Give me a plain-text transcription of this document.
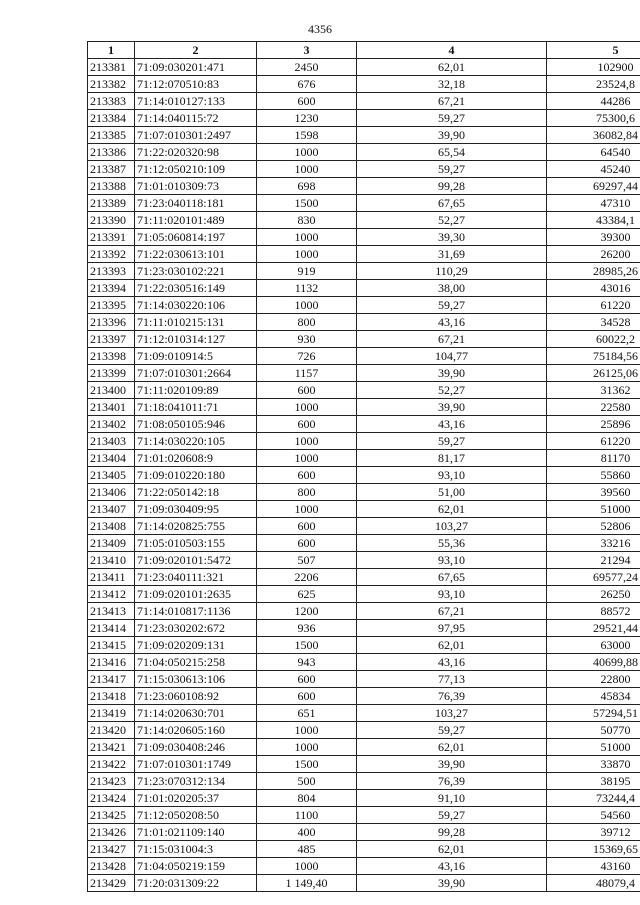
4356
1	2	3	4	5
213381	71:09:030201:471	2450	62,01	102900
213382	71:12:070510:83	676	32,18	23524,8
213383	71:14:010127:133	600	67,21	44286
213384	71:14:040115:72	1230	59,27	75300,6
213385	71:07:010301:2497	1598	39,90	36082,84
213386	71:22:020320:98	1000	65,54	64540
213387	71:12:050210:109	1000	59,27	45240
213388	71:01:010309:73	698	99,28	69297,44
213389	71:23:040118:181	1500	67,65	47310
213390	71:11:020101:489	830	52,27	43384,1
213391	71:05:060814:197	1000	39,30	39300
213392	71:22:030613:101	1000	31,69	26200
213393	71:23:030102:221	919	110,29	28985,26
213394	71:22:030516:149	1132	38,00	43016
213395	71:14:030220:106	1000	59,27	61220
213396	71:11:010215:131	800	43,16	34528
213397	71:12:010314:127	930	67,21	60022,2
213398	71:09:010914:5	726	104,77	75184,56
213399	71:07:010301:2664	1157	39,90	26125,06
213400	71:11:020109:89	600	52,27	31362
213401	71:18:041011:71	1000	39,90	22580
213402	71:08:050105:946	600	43,16	25896
213403	71:14:030220:105	1000	59,27	61220
213404	71:01:020608:9	1000	81,17	81170
213405	71:09:010220:180	600	93,10	55860
213406	71:22:050142:18	800	51,00	39560
213407	71:09:030409:95	1000	62,01	51000
213408	71:14:020825:755	600	103,27	52806
213409	71:05:010503:155	600	55,36	33216
213410	71:09:020101:5472	507	93,10	21294
213411	71:23:040111:321	2206	67,65	69577,24
213412	71:09:020101:2635	625	93,10	26250
213413	71:14:010817:1136	1200	67,21	88572
213414	71:23:030202:672	936	97,95	29521,44
213415	71:09:020209:131	1500	62,01	63000
213416	71:04:050215:258	943	43,16	40699,88
213417	71:15:030613:106	600	77,13	22800
213418	71:23:060108:92	600	76,39	45834
213419	71:14:020630:701	651	103,27	57294,51
213420	71:14:020605:160	1000	59,27	50770
213421	71:09:030408:246	1000	62,01	51000
213422	71:07:010301:1749	1500	39,90	33870
213423	71:23:070312:134	500	76,39	38195
213424	71:01:020205:37	804	91,10	73244,4
213425	71:12:050208:50	1100	59,27	54560
213426	71:01:021109:140	400	99,28	39712
213427	71:15:031004:3	485	62,01	15369,65
213428	71:04:050219:159	1000	43,16	43160
213429	71:20:031309:22	1 149,40	39,90	48079,4
